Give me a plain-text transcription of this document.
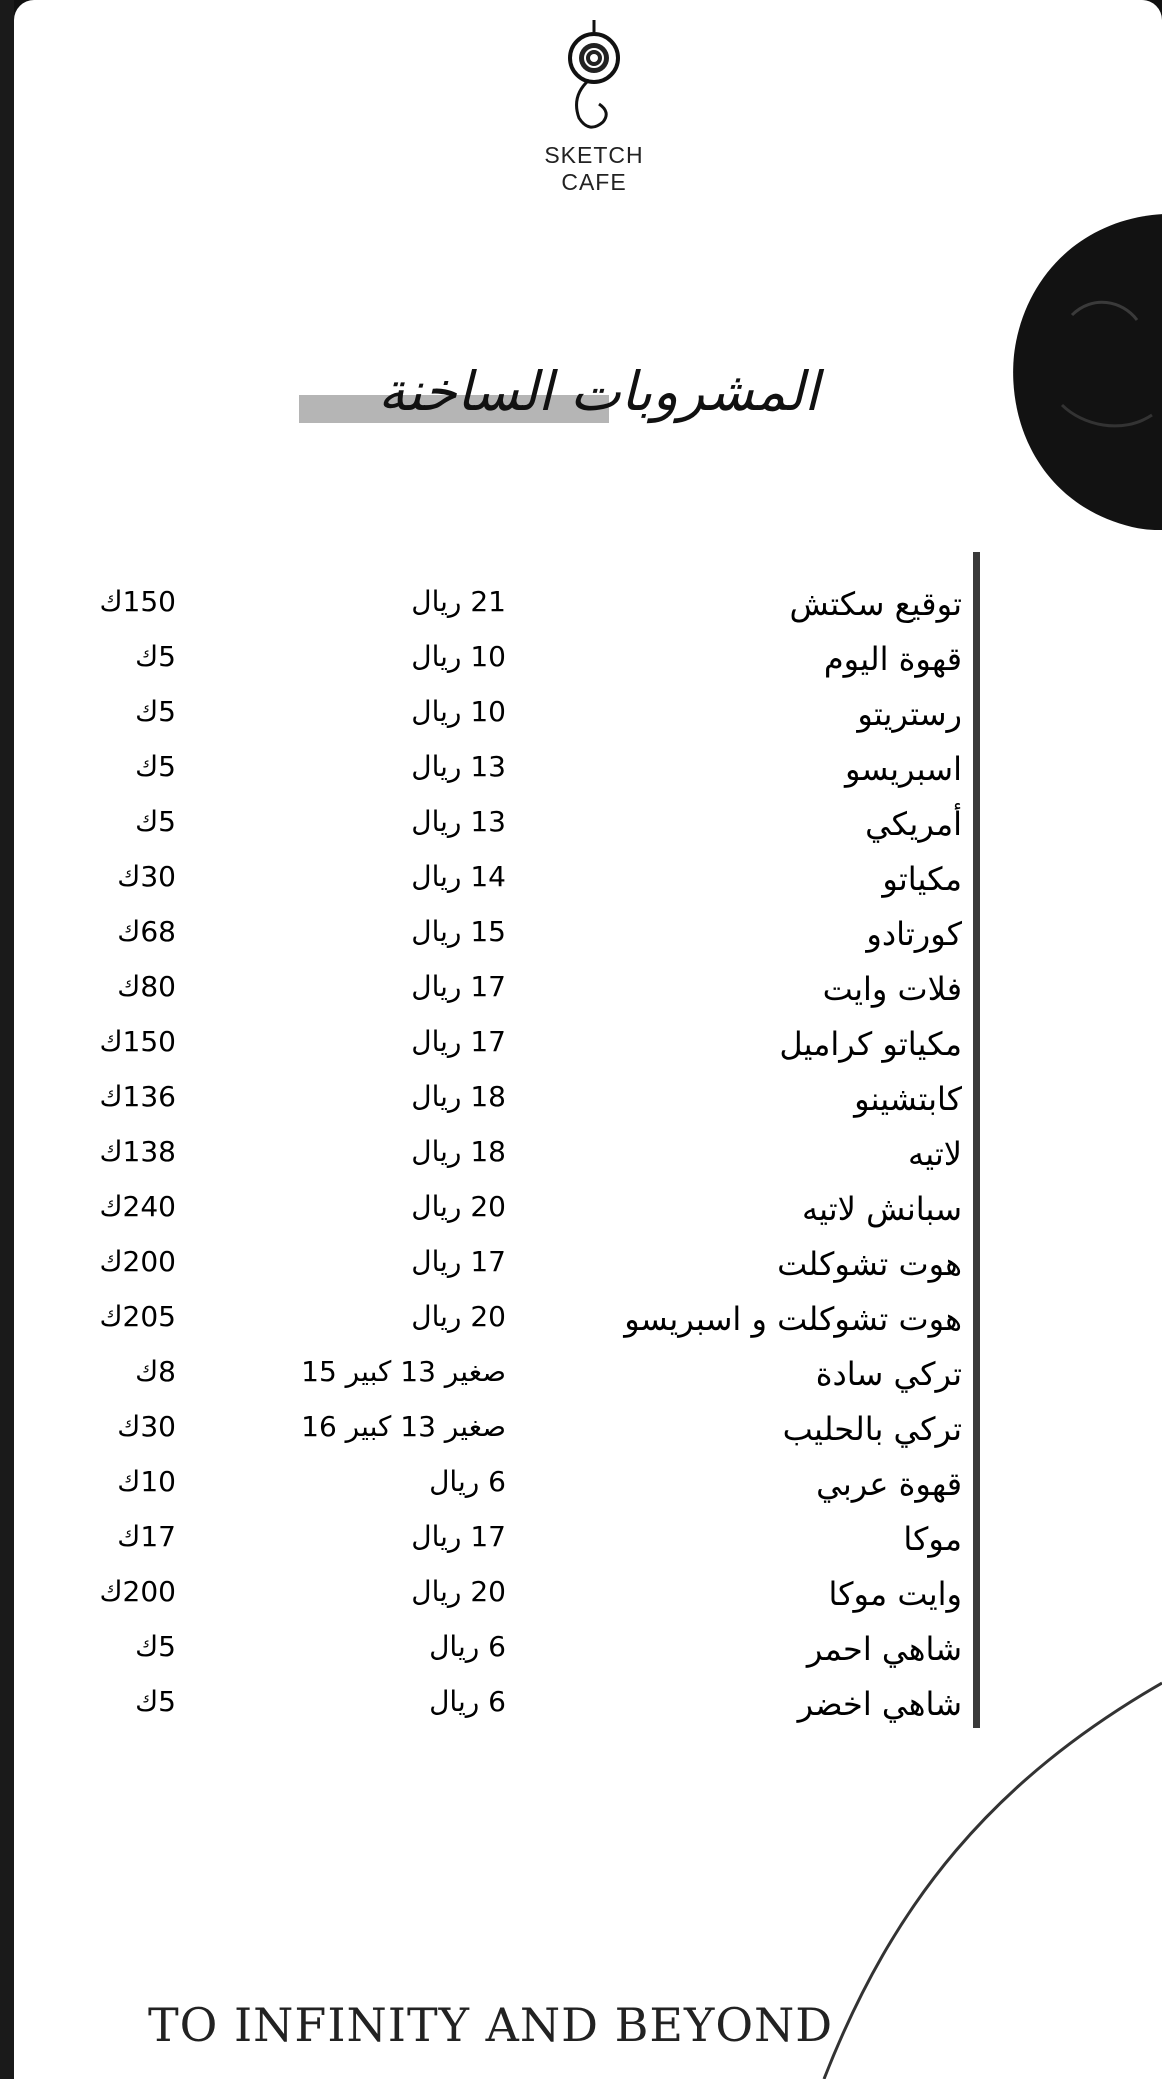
SKETCH CAFE
المشروبات الساخنة
توقيع سكتش
21 ريال
150ك
قهوة اليوم
10 ريال
5ك
رستريتو
10 ريال
5ك
اسبريسو
13 ريال
5ك
أمريكي
13 ريال
5ك
مكياتو
14 ريال
30ك
كورتادو
15 ريال
68ك
فلات وايت
17 ريال
80ك
مكياتو كراميل
17 ريال
150ك
كابتشينو
18 ريال
136ك
لاتيه
18 ريال
138ك
سبانش لاتيه
20 ريال
240ك
هوت تشوكلت
17 ريال
200ك
هوت تشوكلت و اسبريسو
20 ريال
205ك
تركي سادة
صغير 13 كبير 15
8ك
تركي بالحليب
صغير 13 كبير 16
30ك
قهوة عربي
6 ريال
10ك
موكا
17 ريال
17ك
وايت موكا
20 ريال
200ك
شاهي احمر
6 ريال
5ك
شاهي اخضر
6 ريال
5ك
TO INFINITY AND BEYOND
